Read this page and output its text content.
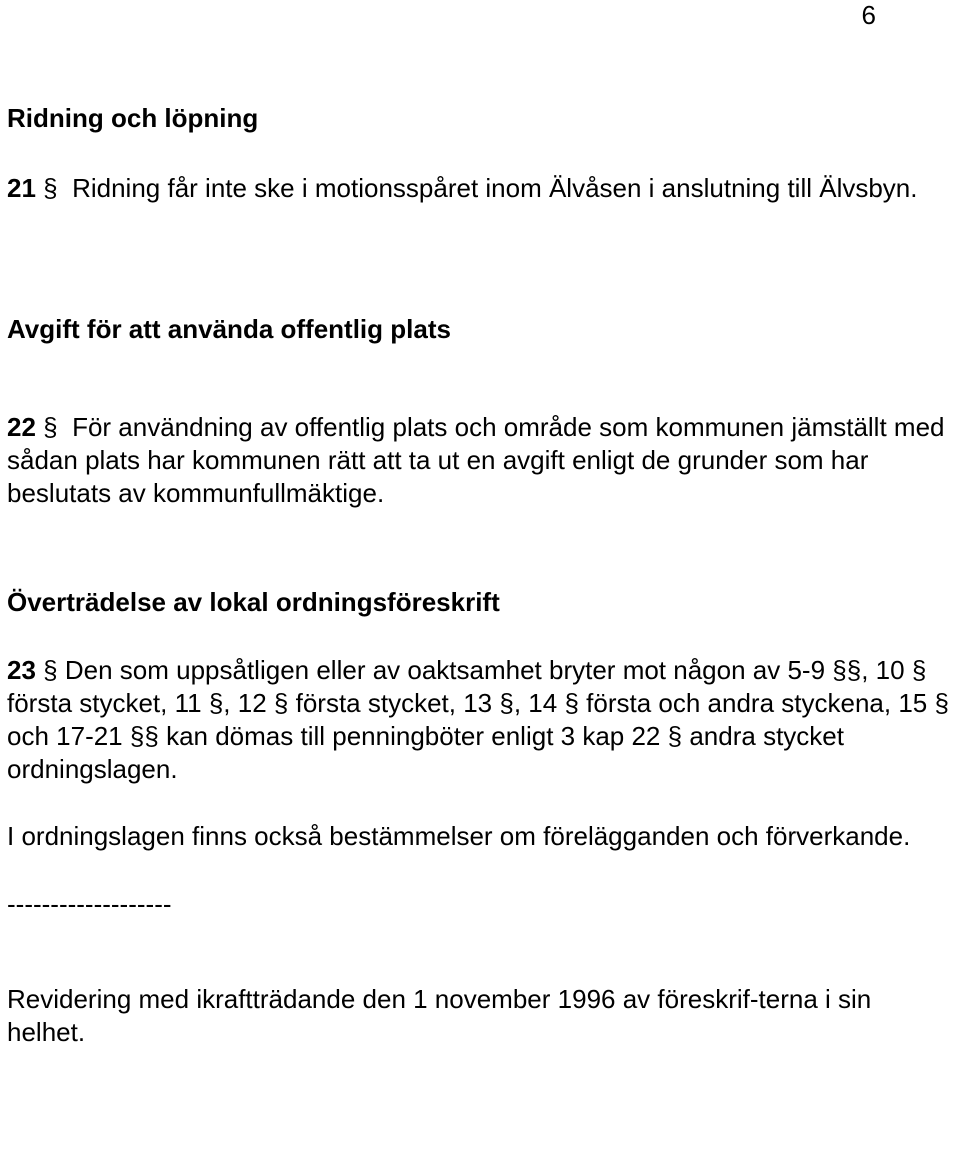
6
Ridning och löpning

21 § Ridning får inte ske i motionsspåret inom Älvåsen i anslutning till Älvsbyn.

Avgift för att använda offentlig plats

22 § För användning av offentlig plats och område som kommunen jämställt med sådan plats har kommunen rätt att ta ut en avgift enligt de grunder som har beslutats av kommunfullmäktige.

Överträdelse av lokal ordningsföreskrift

23 § Den som uppsåtligen eller av oaktsamhet bryter mot någon av 5-9 §§, 10 § första stycket, 11 §, 12 § första stycket, 13 §, 14 § första och andra styckena, 15 § och 17-21 §§ kan dömas till penningböter enligt 3 kap 22 § andra stycket ordningslagen.

I ordningslagen finns också bestämmelser om förelägganden och förverkande.

-------------------

Revidering med ikraftträdande den 1 november 1996 av föreskrif-terna i sin helhet.
